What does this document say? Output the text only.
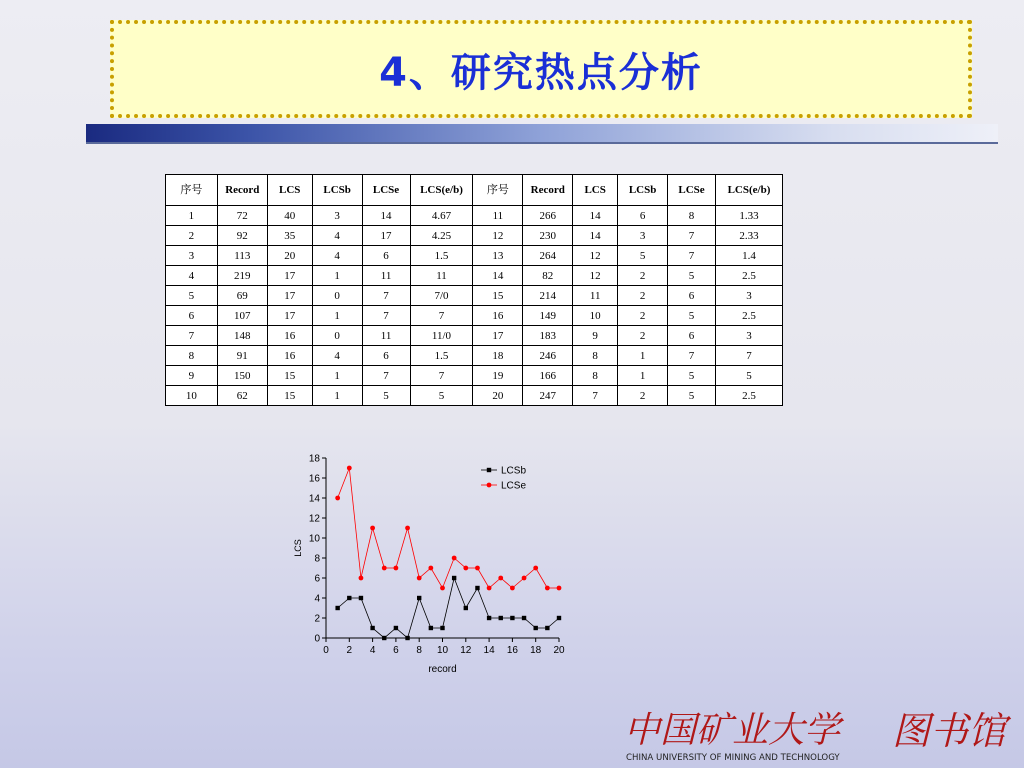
4、研究热点分析
序号	Record	LCS	LCSb	LCSe	LCS(e/b)	序号	Record	LCS	LCSb	LCSe	LCS(e/b)
1	72	40	3	14	4.67	11	266	14	6	8	1.33
2	92	35	4	17	4.25	12	230	14	3	7	2.33
3	113	20	4	6	1.5	13	264	12	5	7	1.4
4	219	17	1	11	11	14	82	12	2	5	2.5
5	69	17	0	7	7/0	15	214	11	2	6	3
6	107	17	1	7	7	16	149	10	2	5	2.5
7	148	16	0	11	11/0	17	183	9	2	6	3
8	91	16	4	6	1.5	18	246	8	1	7	7
9	150	15	1	7	7	19	166	8	1	5	5
10	62	15	1	5	5	20	247	7	2	5	2.5
0
2
4
6
8
10
12
14
16
18
0 2 4 6 8 10 12 14 16 18 20
record
LCS
LCSb
LCSe
中国矿业大学 图书馆
CHINA UNIVERSITY OF MINING AND TECHNOLOGY
